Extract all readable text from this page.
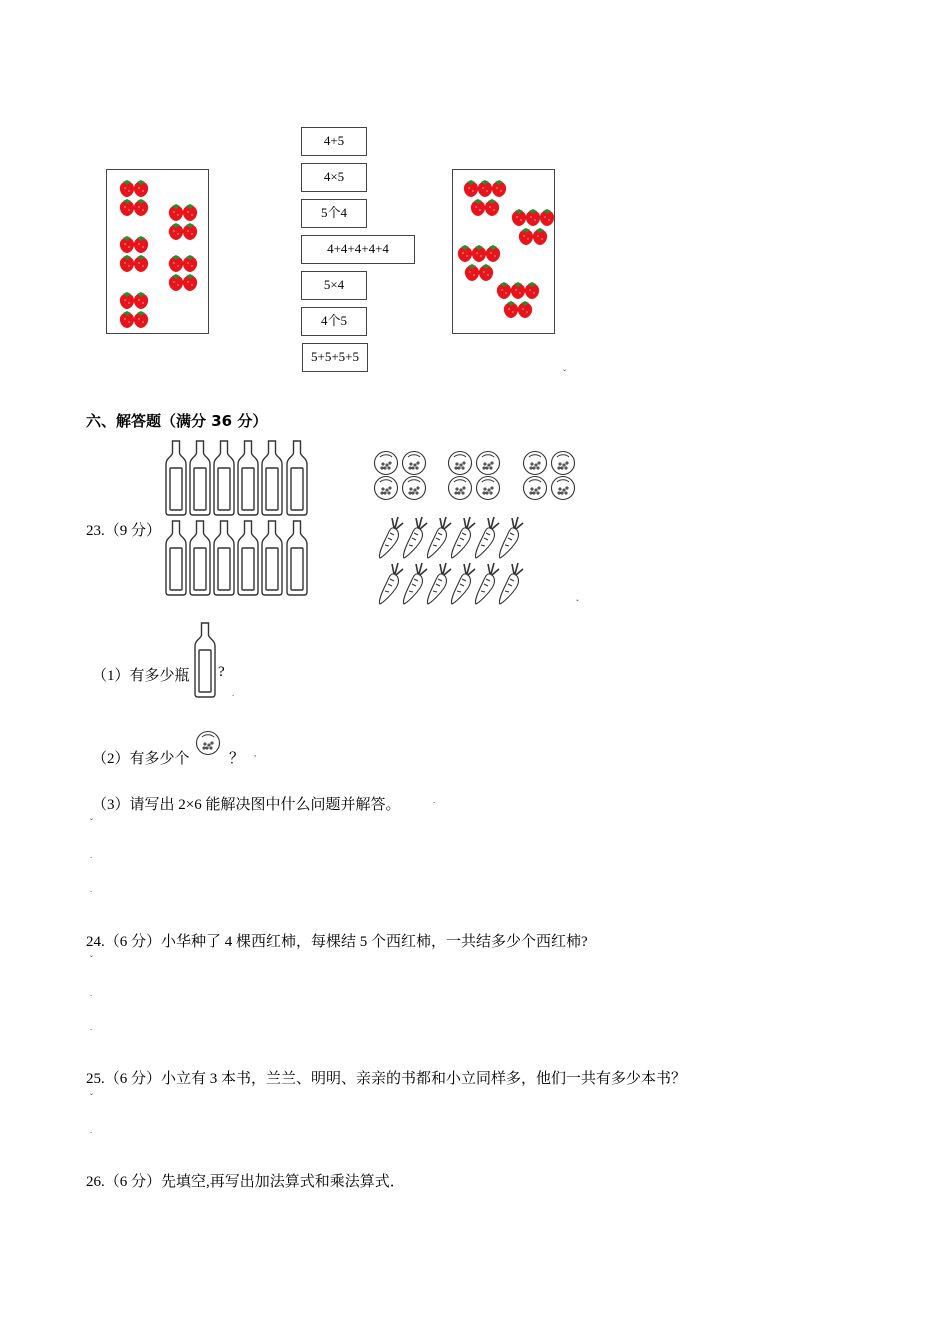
4+5
4×5
5个4
4+4+4+4+4
5×4
4个5
5+5+5+5
ˇ
六、解答题（满分 36 分）
23.（9 分）
ˇ
（1）有多少瓶 ?
.
（2）有多少个	？ ,
（3）请写出 2×6 能解决图中什么问题并解答。	.
ˇ
.
.
24.（6 分）小华种了 4 棵西红柿，每棵结 5 个西红柿，一共结多少个西红柿?
ˇ
.
.
25.（6 分）小立有 3 本书，兰兰、明明、亲亲的书都和小立同样多，他们一共有多少本书？
ˇ
.
26.（6 分）先填空,再写出加法算式和乘法算式．
